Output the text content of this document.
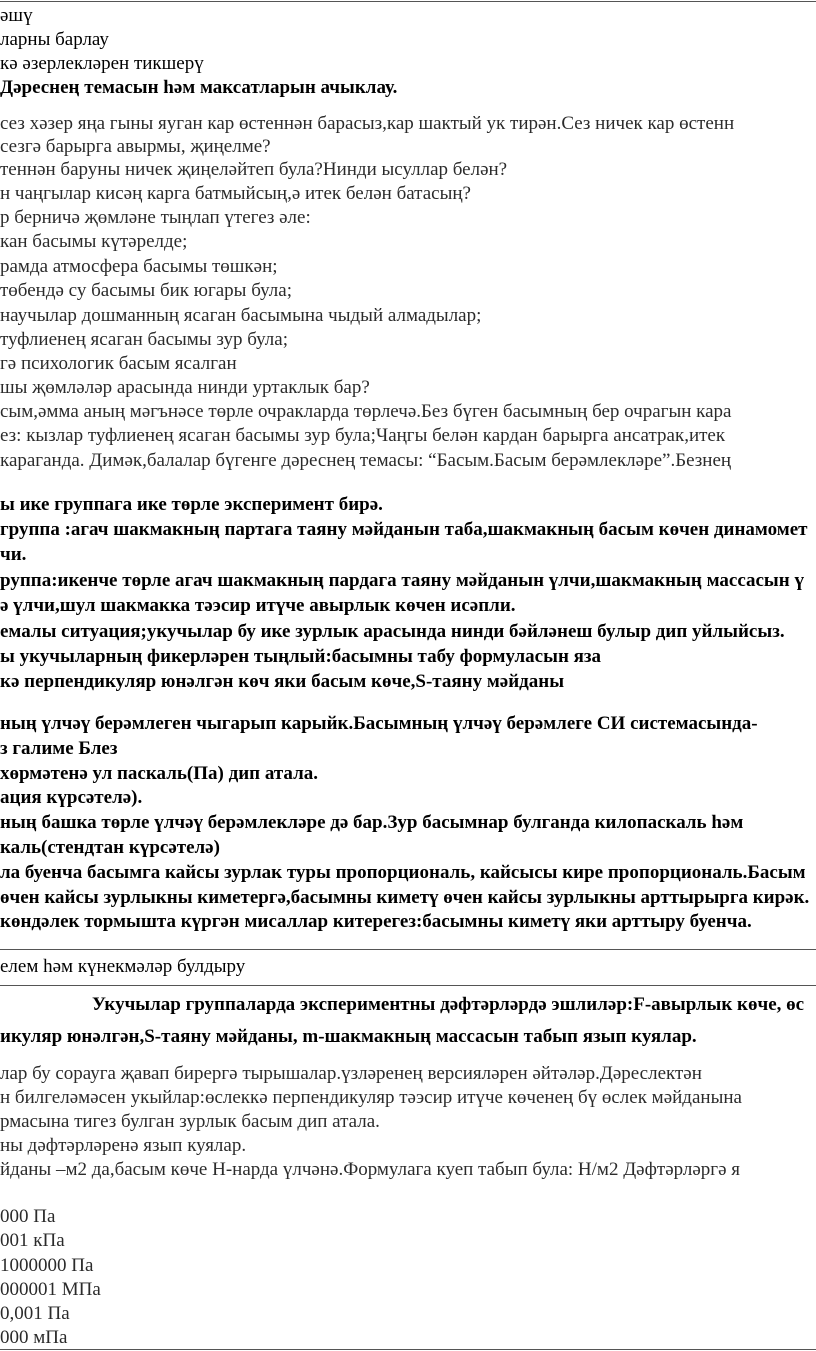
әшү
ларны барлау
кә әзерлекләрен тикшерү
Дәреснең темасын һәм максатларын ачыклау.
сез хәзер яңа гыны яуган кар өстеннән барасыз,кар шактый ук тирән.Сез ничек кар өстенн
сезгә барырга авырмы, җиңелме?
теннән баруны ничек җиңеләйтеп була?Нинди ысуллар белән?
н чаңгылар кисәң карга батмыйсың,ә итек белән батасың?
р берничә җөмләне тыңлап үтегез әле:
кан басымы күтәрелде;
рамда атмосфера басымы төшкән;
төбендә су басымы бик югары була;
научылар дошманның ясаган басымына чыдый алмадылар;
туфлиенең ясаган басымы зур була;
гә психологик басым ясалган
шы җөмләләр арасында нинди уртаклык бар?
сым,әмма аның мәгънәсе төрле очракларда төрлечә.Без бүген басымның бер очрагын кара
ез: кызлар туфлиенең ясаган басымы зур була;Чаңгы белән кардан барырга ансатрак,итек
караганда. Димәк,балалар бүгенге дәреснең темасы: “Басым.Басым берәмлекләре”.Безнең
ы ике группага ике төрле эксперимент бирә.
группа :агач шакмакның партага таяну мәйданын таба,шакмакның басым көчен динамомет
чи.
руппа:икенче төрле агач шакмакның пардага таяну мәйданын үлчи,шакмакның массасын ү
ә үлчи,шул шакмакка тәэсир итүче авырлык көчен исәпли.
емалы ситуация;укучылар бу ике зурлык арасында нинди бәйләнеш булыр дип уйлыйсыз.
ы укучыларның фикерләрен тыңлый:басымны табу формуласын яза
кә перпендикуляр юнәлгән көч яки басым көче,S-таяну мәйданы
ның үлчәү берәмлеген чыгарып карыйк.Басымның үлчәү берәмлеге СИ системасында-
з галиме Блез
хөрмәтенә ул паскаль(Па) дип атала.
ация күрсәтелә).
ның башка төрле үлчәү берәмлекләре дә бар.Зур басымнар булганда килопаскаль һәм
каль(стендтан күрсәтелә)
ла буенча басымга кайсы зурлак туры пропорциональ, кайсысы кире пропорциональ.Басым
өчен кайсы зурлыкны киметергә,басымны киметү өчен кайсы зурлыкны арттырырга кирәк.
көндәлек тормышта күргән мисаллар китерегез:басымны киметү яки арттыру буенча.
елем һәм күнекмәләр булдыру
Укучылар группаларда экспериментны дәфтәрләрдә эшлиләр:F-авырлык көче, өс
икуляр юнәлгән,S-таяну мәйданы, m-шакмакның массасын табып язып куялар.
лар бу сораугa җавап бирергә тырышалар.үзләренең версияләрен әйтәләр.Дәреслектән
н билгеләмәсен укыйлар:өслеккә перпендикуляр тәэсир итүче көченең бү өслек мәйданына
рмасына тигез булган зурлык басым дип атала.
ны дәфтәрләренә язып куялар.
йданы –м2 да,басым көче Н-нарда үлчәнә.Формулага куеп табып була: Н/м2 Дәфтәрләргә я
000 Па
001 кПа
1000000 Па
000001 МПа
0,001 Па
000 мПа
